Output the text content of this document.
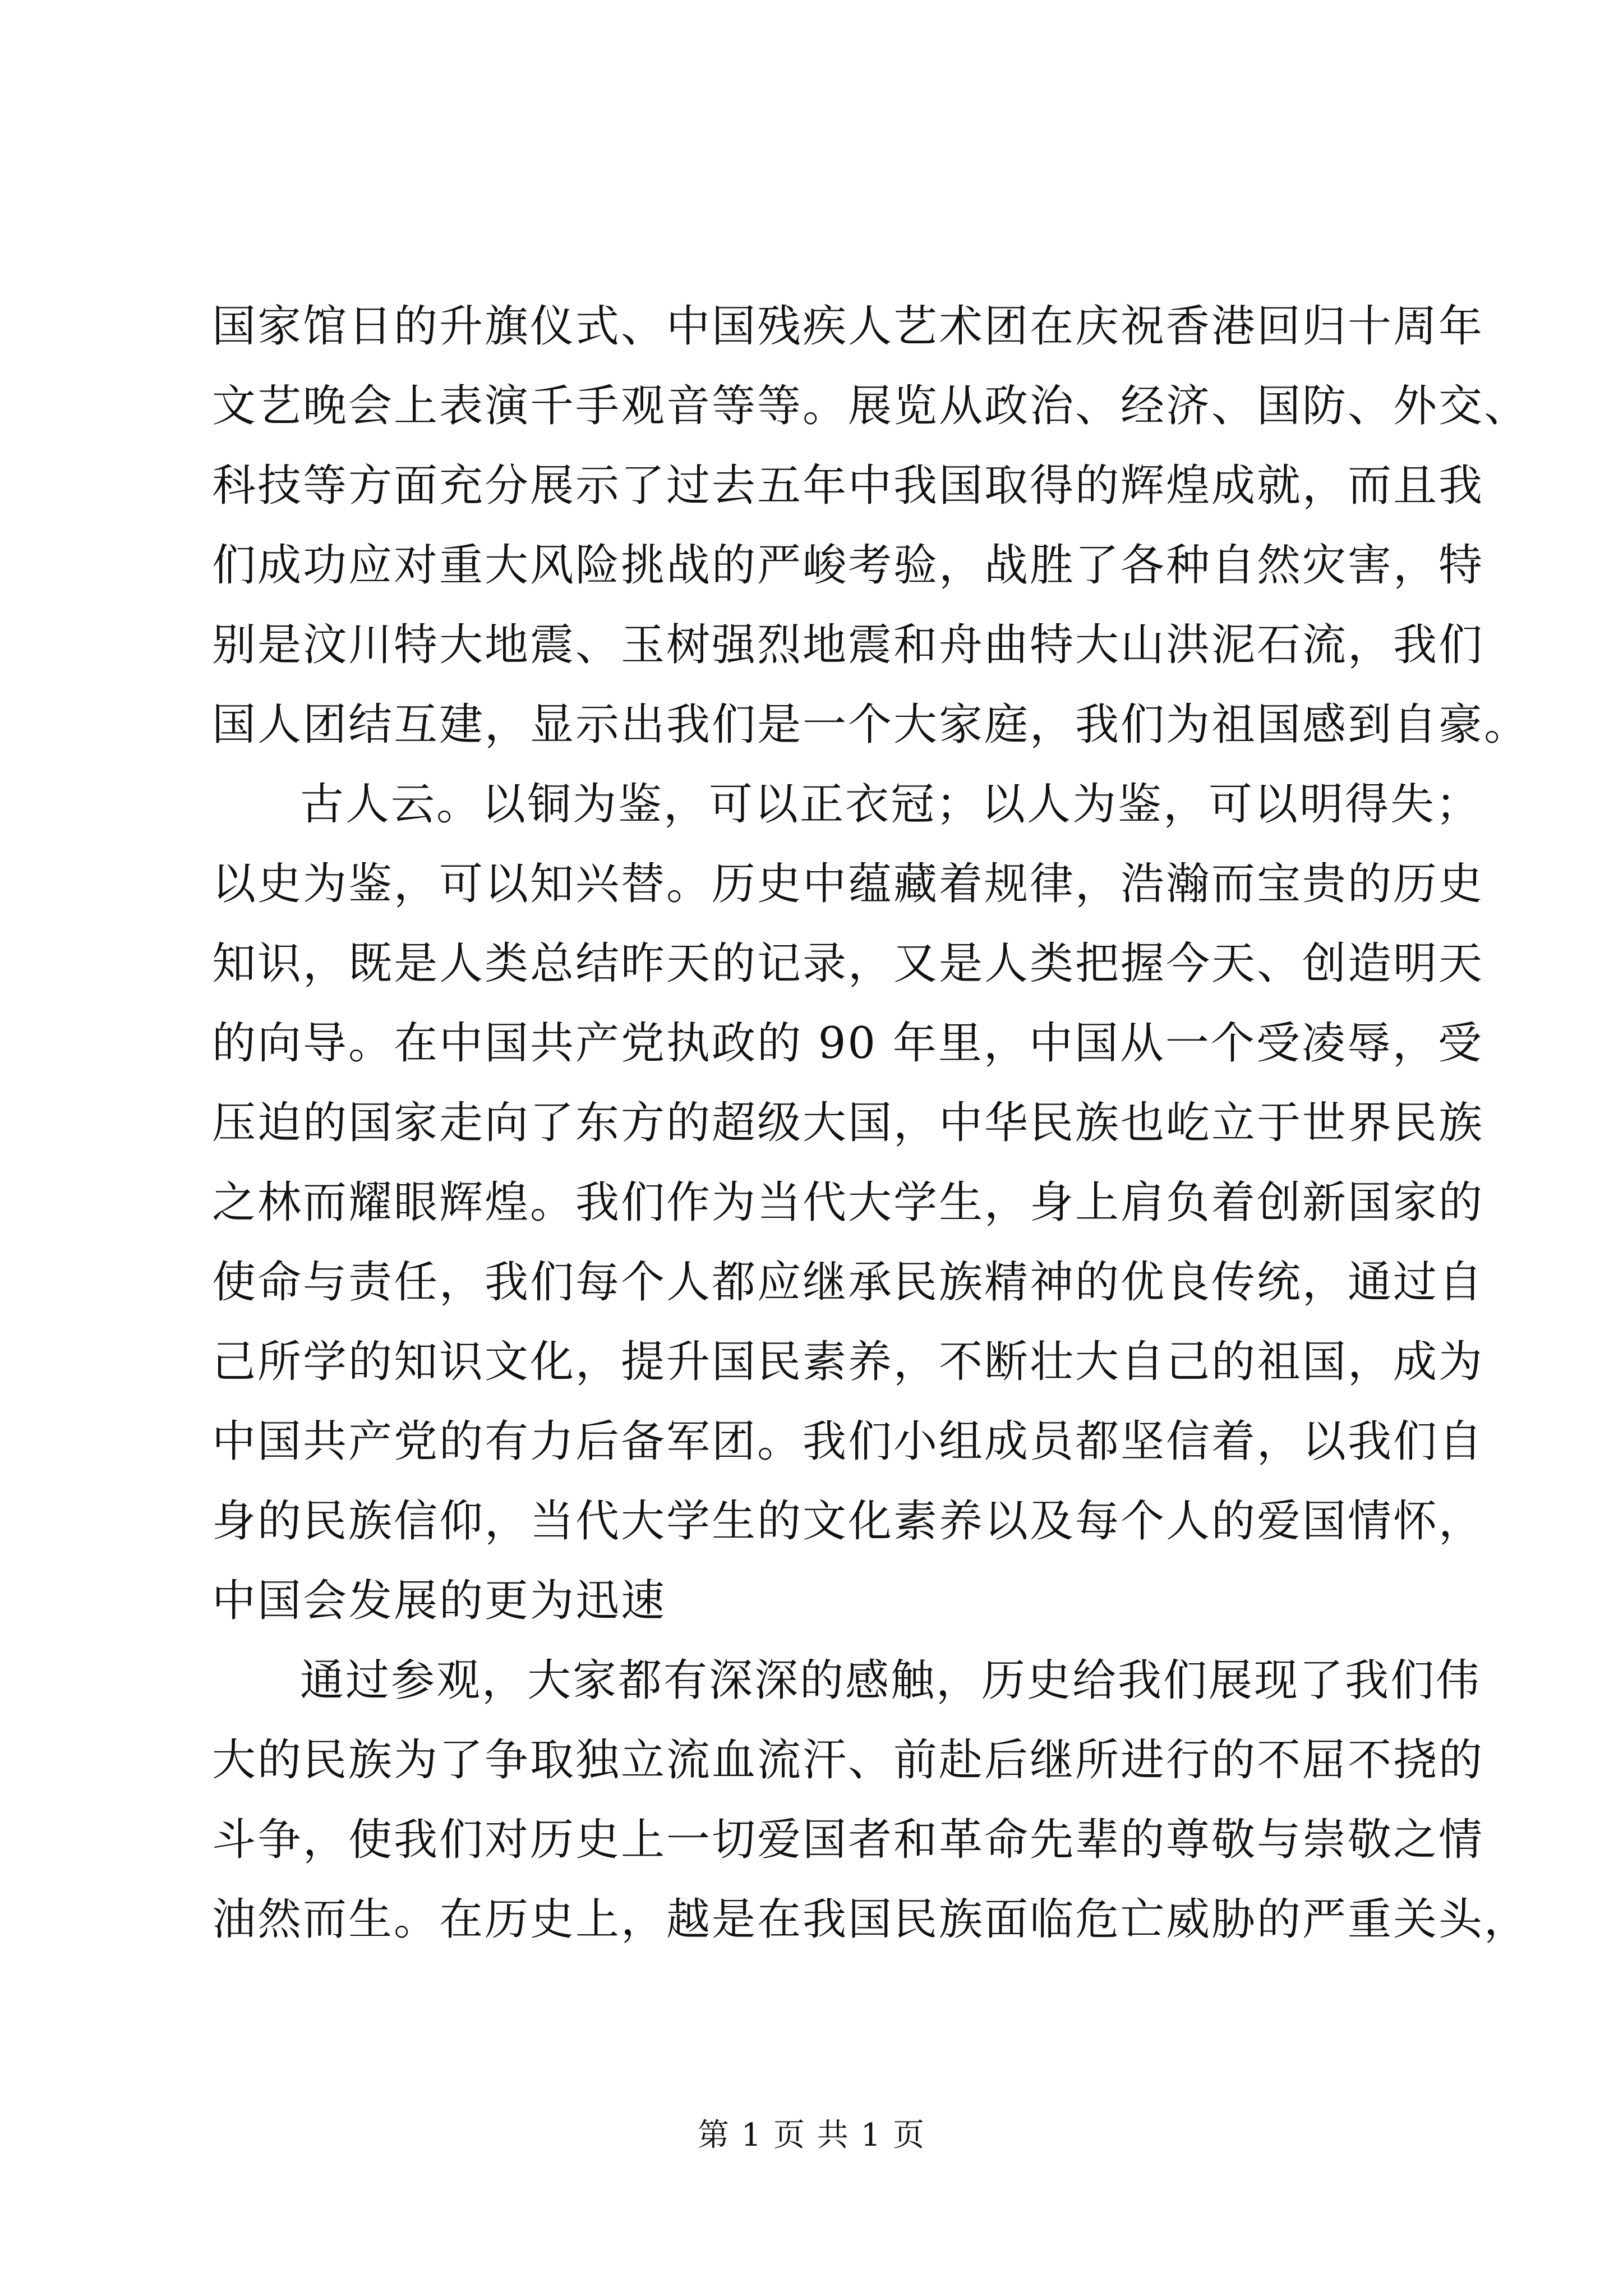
国家馆日的升旗仪式、中国残疾人艺术团在庆祝香港回归十周年
文艺晚会上表演千手观音等等。展览从政治、经济、国防、外交、
科技等方面充分展示了过去五年中我国取得的辉煌成就，而且我
们成功应对重大风险挑战的严峻考验，战胜了各种自然灾害，特
别是汶川特大地震、玉树强烈地震和舟曲特大山洪泥石流，我们
国人团结互建，显示出我们是一个大家庭，我们为祖国感到自豪。
古人云。以铜为鉴，可以正衣冠；以人为鉴，可以明得失；
以史为鉴，可以知兴替。历史中蕴藏着规律，浩瀚而宝贵的历史
知识，既是人类总结昨天的记录，又是人类把握今天、创造明天
的向导。在中国共产党执政的 90 年里，中国从一个受凌辱，受
压迫的国家走向了东方的超级大国，中华民族也屹立于世界民族
之林而耀眼辉煌。我们作为当代大学生，身上肩负着创新国家的
使命与责任，我们每个人都应继承民族精神的优良传统，通过自
己所学的知识文化，提升国民素养，不断壮大自己的祖国，成为
中国共产党的有力后备军团。我们小组成员都坚信着，以我们自
身的民族信仰，当代大学生的文化素养以及每个人的爱国情怀，
中国会发展的更为迅速
通过参观，大家都有深深的感触，历史给我们展现了我们伟
大的民族为了争取独立流血流汗、前赴后继所进行的不屈不挠的
斗争，使我们对历史上一切爱国者和革命先辈的尊敬与崇敬之情
油然而生。在历史上，越是在我国民族面临危亡威胁的严重关头，
第 1 页 共 1 页
